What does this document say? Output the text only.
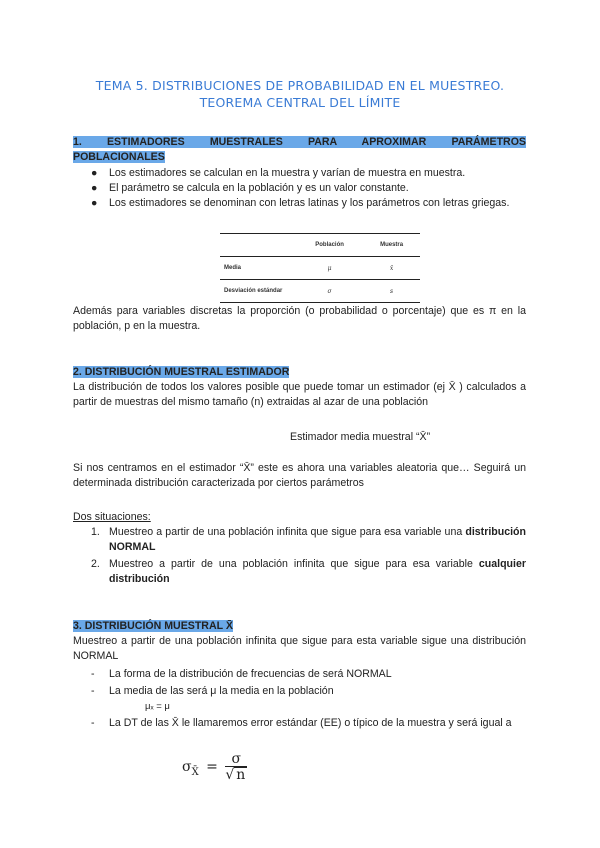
TEMA 5. DISTRIBUCIONES DE PROBABILIDAD EN EL MUESTREO.
TEOREMA CENTRAL DEL LÍMITE
1. ESTIMADORES MUESTRALES PARA APROXIMAR PARÁMETROS
POBLACIONALES
● Los estimadores se calculan en la muestra y varían de muestra en muestra.
● El parámetro se calcula en la población y es un valor constante.
● Los estimadores se denominan con letras latinas y los parámetros con letras griegas.
	Población	Muestra
Media	μ	x̄
Desviación estándar	σ	s
Además para variables discretas la proporción (o probabilidad o porcentaje) que es π en la población, p en la muestra.
2. DISTRIBUCIÓN MUESTRAL ESTIMADOR
La distribución de todos los valores posible que puede tomar un estimador (ej X̄ ) calculados a partir de muestras del mismo tamaño (n) extraidas al azar de una población
Estimador media muestral “X̄”
Si nos centramos en el estimador “X̄” este es ahora una variables aleatoria que… Seguirá un determinada distribución caracterizada por ciertos parámetros
Dos situaciones:
1. Muestreo a partir de una población infinita que sigue para esa variable una distribución NORMAL
2. Muestreo a partir de una población infinita que sigue para esa variable cualquier distribución
3. DISTRIBUCIÓN MUESTRAL X̄
Muestreo a partir de una población infinita que sigue para esta variable sigue una distribución NORMAL
-	La forma de la distribución de frecuencias de será NORMAL
-	La media de las será μ la media en la población
μₓ = μ
-	La DT de las X̄ le llamaremos error estándar (EE) o típico de la muestra y será igual a
$\sigma_{X̄} = \frac{\sigma}{√ n}$
